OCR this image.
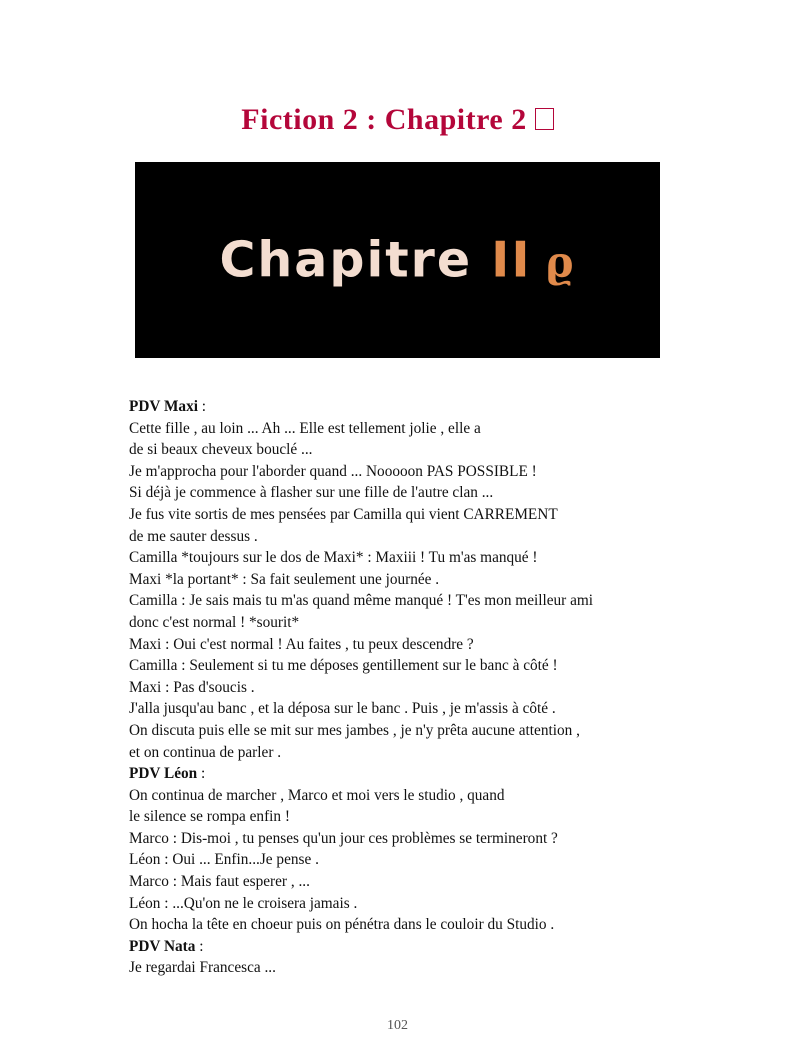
Fiction 2 : Chapitre 2
Chapitre II ϱ

PDV Maxi :

Cette fille , au loin ... Ah ... Elle est tellement jolie , elle a

de si beaux cheveux bouclé ...

Je m'approcha pour l'aborder quand ... Nooooon PAS POSSIBLE !

Si déjà je commence à flasher sur une fille de l'autre clan ...

Je fus vite sortis de mes pensées par Camilla qui vient CARREMENT

de me sauter dessus .

Camilla *toujours sur le dos de Maxi* : Maxiii ! Tu m'as manqué !

Maxi *la portant* : Sa fait seulement une journée .

Camilla : Je sais mais tu m'as quand même manqué ! T'es mon meilleur ami

donc c'est normal ! *sourit*

Maxi : Oui c'est normal ! Au faites , tu peux descendre ?

Camilla : Seulement si tu me déposes gentillement sur le banc à côté !

Maxi : Pas d'soucis .

J'alla jusqu'au banc , et la déposa sur le banc . Puis , je m'assis à côté .

On discuta puis elle se mit sur mes jambes , je n'y prêta aucune attention ,

et on continua de parler .

PDV Léon :

On continua de marcher , Marco et moi vers le studio , quand

le silence se rompa enfin !

Marco : Dis-moi , tu penses qu'un jour ces problèmes se termineront ?

Léon : Oui ... Enfin...Je pense .

Marco : Mais faut esperer , ...

Léon : ...Qu'on ne le croisera jamais .

On hocha la tête en choeur puis on pénétra dans le couloir du Studio .

PDV Nata :

Je regardai Francesca ...

102
